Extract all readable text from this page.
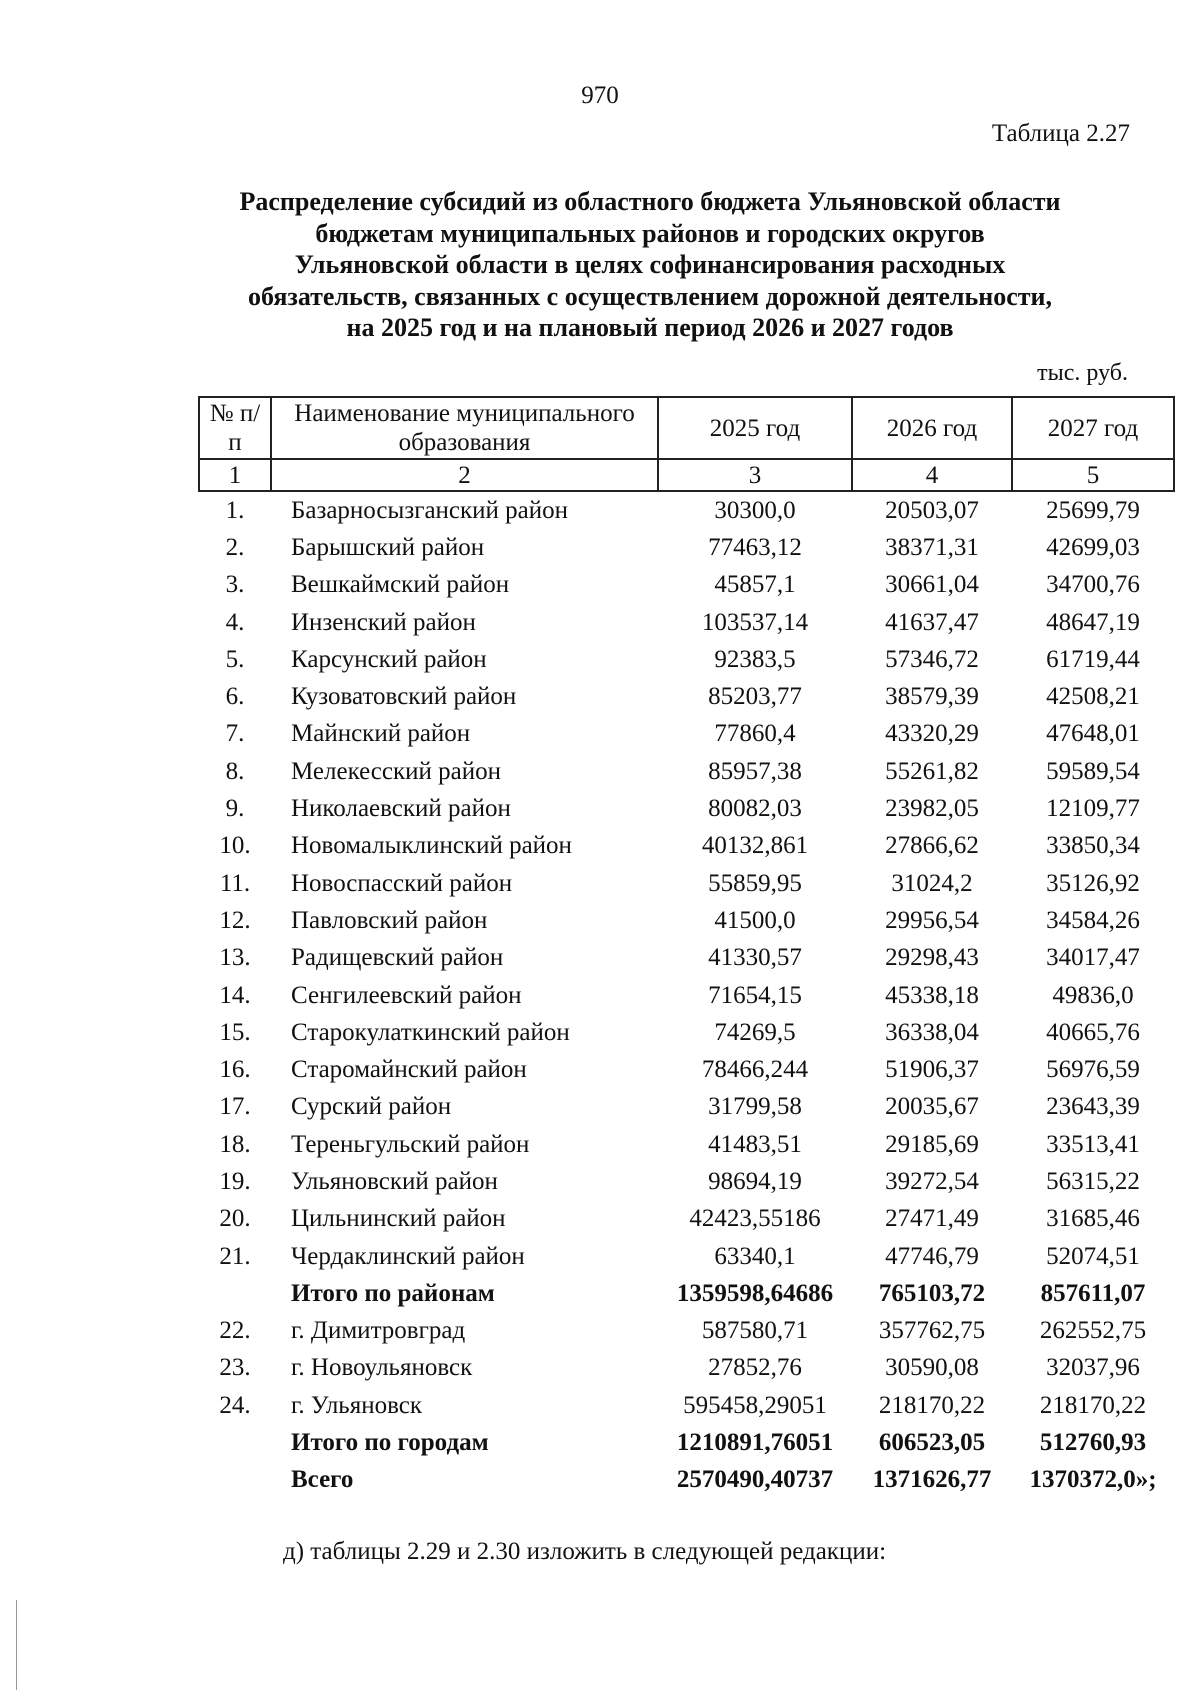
970
Таблица 2.27
Распределение субсидий из областного бюджета Ульяновской области
бюджетам муниципальных районов и городских округов
Ульяновской области в целях софинансирования расходных
обязательств, связанных с осуществлением дорожной деятельности,
на 2025 год и на плановый период 2026 и 2027 годов
тыс. руб.
№ п/п	Наименование муниципального образования	2025 год	2026 год	2027 год
1	2	3	4	5
1.	Базарносызганский район	30300,0	20503,07	25699,79
2.	Барышский район	77463,12	38371,31	42699,03
3.	Вешкаймский район	45857,1	30661,04	34700,76
4.	Инзенский район	103537,14	41637,47	48647,19
5.	Карсунский район	92383,5	57346,72	61719,44
6.	Кузоватовский район	85203,77	38579,39	42508,21
7.	Майнский район	77860,4	43320,29	47648,01
8.	Мелекесский район	85957,38	55261,82	59589,54
9.	Николаевский район	80082,03	23982,05	12109,77
10.	Новомалыклинский район	40132,861	27866,62	33850,34
11.	Новоспасский район	55859,95	31024,2	35126,92
12.	Павловский район	41500,0	29956,54	34584,26
13.	Радищевский район	41330,57	29298,43	34017,47
14.	Сенгилеевский район	71654,15	45338,18	49836,0
15.	Старокулаткинский район	74269,5	36338,04	40665,76
16.	Старомайнский район	78466,244	51906,37	56976,59
17.	Сурский район	31799,58	20035,67	23643,39
18.	Тереньгульский район	41483,51	29185,69	33513,41
19.	Ульяновский район	98694,19	39272,54	56315,22
20.	Цильнинский район	42423,55186	27471,49	31685,46
21.	Чердаклинский район	63340,1	47746,79	52074,51
	Итого по районам	1359598,64686	765103,72	857611,07
22.	г. Димитровград	587580,71	357762,75	262552,75
23.	г. Новоульяновск	27852,76	30590,08	32037,96
24.	г. Ульяновск	595458,29051	218170,22	218170,22
	Итого по городам	1210891,76051	606523,05	512760,93
	Всего	2570490,40737	1371626,77	1370372,0»;
д) таблицы 2.29 и 2.30 изложить в следующей редакции:
